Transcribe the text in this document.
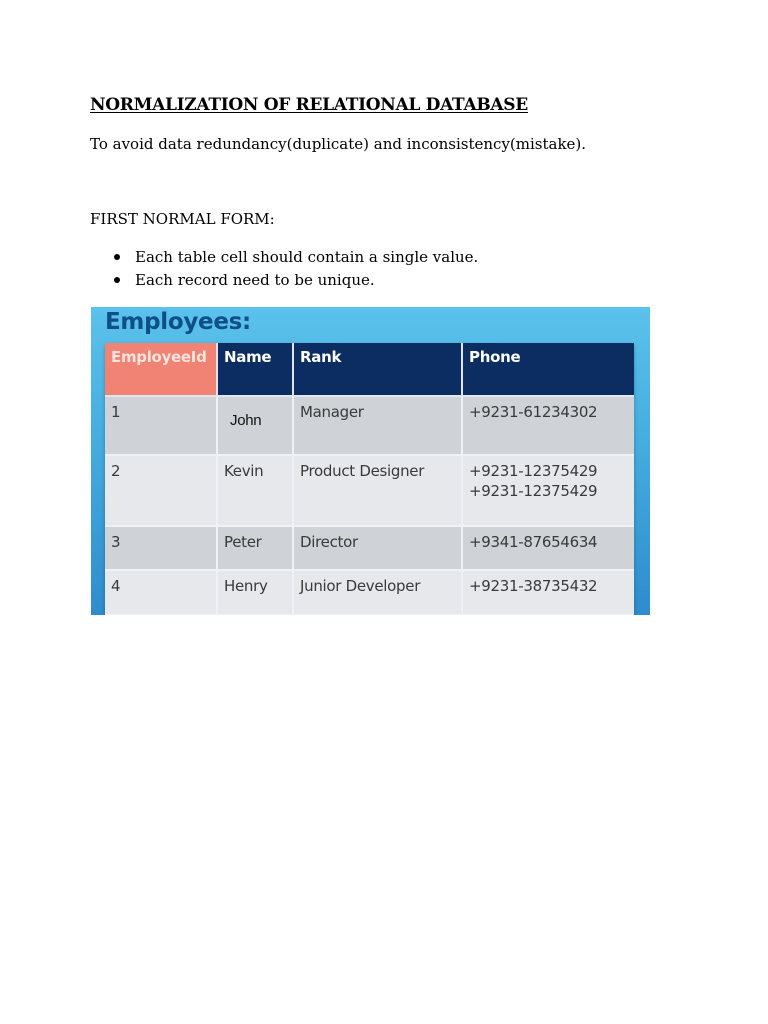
NORMALIZATION OF RELATIONAL DATABASE
To avoid data redundancy(duplicate) and inconsistency(mistake).
FIRST NORMAL FORM:
Each table cell should contain a single value.
Each record need to be unique.
Employees:
EmployeeId	Name	Rank	Phone
1	John	Manager	+9231-61234302

2	Kevin	Product Designer	+9231-12375429
+9231-12375429

3	Peter	Director	+9341-87654634

4	Henry	Junior Developer	+9231-38735432
